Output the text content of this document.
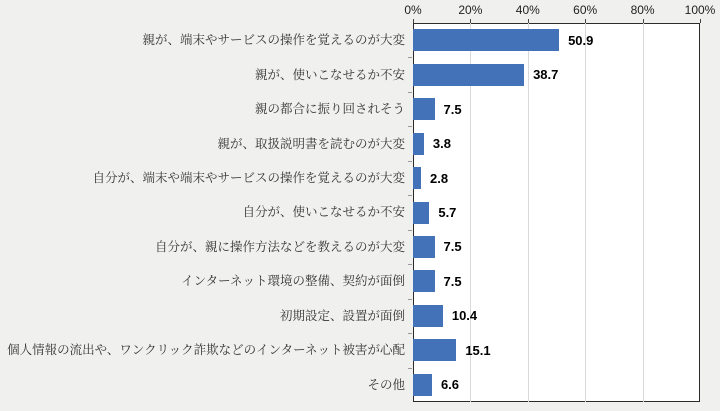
0%	20%	40%	60%	80%	100%
親が、端末やサービスの操作を覚えるのが大変	50.9
親が、使いこなせるか不安	38.7
親の都合に振り回されそう	7.5
親が、取扱説明書を読むのが大変 3.8
自分が、端末や端末やサービスの操作を覚えるのが大変 2.8
自分が、使いこなせるか不安	5.7
自分が、親に操作方法などを教えるのが大変	7.5
インターネット環境の整備、契約が面倒	7.5
初期設定、設置が面倒	10.4
個人情報の流出や、ワンクリック詐欺などのインターネット被害が心配	15.1
その他	6.6
